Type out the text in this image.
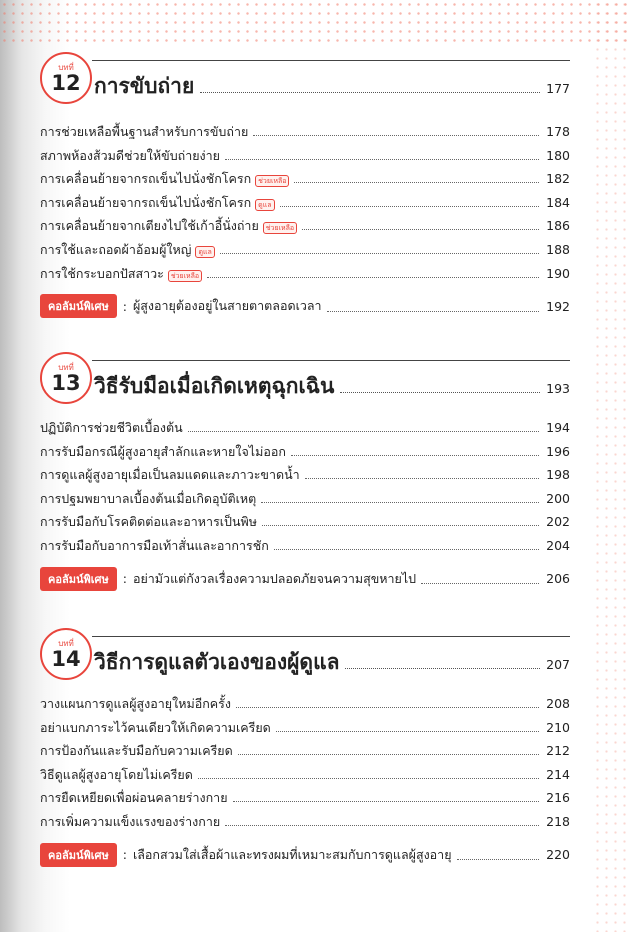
บทที่
12 การขับถ่าย	177
การช่วยเหลือพื้นฐานสำหรับการขับถ่าย	178
สภาพห้องส้วมดีช่วยให้ขับถ่ายง่าย	180
การเคลื่อนย้ายจากรถเข็นไปนั่งชักโครก	ช่วยเหลือ	182
การเคลื่อนย้ายจากรถเข็นไปนั่งชักโครก	ดูแล	184
การเคลื่อนย้ายจากเตียงไปใช้เก้าอี้นั่งถ่าย	ช่วยเหลือ	186
การใช้และถอดผ้าอ้อมผู้ใหญ่	ดูแล	188
การใช้กระบอกปัสสาวะ	ช่วยเหลือ	190
คอลัมน์พิเศษ	: ผู้สูงอายุต้องอยู่ในสายตาตลอดเวลา	192
บทที่
13 วิธีรับมือเมื่อเกิดเหตุฉุกเฉิน	193
ปฏิบัติการช่วยชีวิตเบื้องต้น	194
การรับมือกรณีผู้สูงอายุสำลักและหายใจไม่ออก	196
การดูแลผู้สูงอายุเมื่อเป็นลมแดดและภาวะขาดน้ำ	198
การปฐมพยาบาลเบื้องต้นเมื่อเกิดอุบัติเหตุ	200
การรับมือกับโรคติดต่อและอาหารเป็นพิษ	202
การรับมือกับอาการมือเท้าสั่นและอาการชัก	204
คอลัมน์พิเศษ	: อย่ามัวแต่กังวลเรื่องความปลอดภัยจนความสุขหายไป	206
บทที่
14 วิธีการดูแลตัวเองของผู้ดูแล	207
วางแผนการดูแลผู้สูงอายุใหม่อีกครั้ง	208
อย่าแบกภาระไว้คนเดียวให้เกิดความเครียด	210
การป้องกันและรับมือกับความเครียด	212
วิธีดูแลผู้สูงอายุโดยไม่เครียด	214
การยืดเหยียดเพื่อผ่อนคลายร่างกาย	216
การเพิ่มความแข็งแรงของร่างกาย	218
คอลัมน์พิเศษ	: เลือกสวมใส่เสื้อผ้าและทรงผมที่เหมาะสมกับการดูแลผู้สูงอายุ	220
